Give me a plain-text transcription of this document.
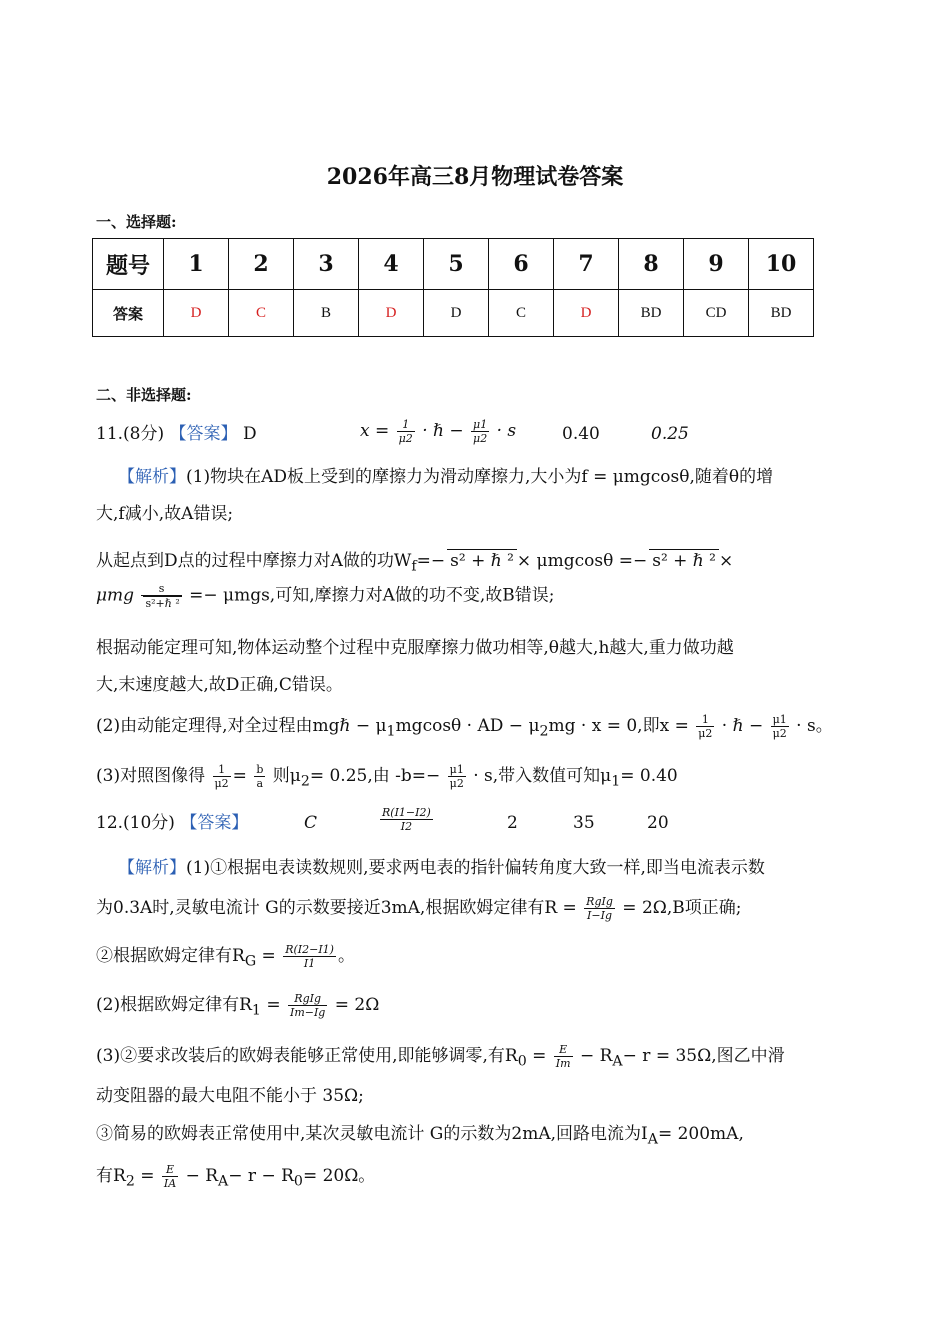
2026年高三8月物理试卷答案
一、选择题:
题号	1	2	3	4	5	6	7	8	9	10
答案	D	C	B	D	D	C	D	BD	CD	BD
二、非选择题:
11.(8分) 【答案】 D	$x = \frac{1}{\mu 2}$ · ℏ − $\frac{\mu 1}{\mu 2} \cdot s$	0.40	0.25
【解析】(1)物块在AD板上受到的摩擦力为滑动摩擦力,大小为f = μmgcosθ,随着θ的增
大,f减小,故A错误;
从起点到D点的过程中摩擦力对A做的功$W_f=- s^2$ + ℏ ² × μmgcosθ =− s² + ℏ ² ×
μmg $\frac{s}{\text{s²+ℏ ²}} =- \mu mgs$,可知,摩擦力对A做的功不变,故B错误;
根据动能定理可知,物体运动整个过程中克服摩擦力做功相等,θ越大,h越大,重力做功越
大,末速度越大,故D正确,C错误。
(2)由动能定理得,对全过程由mgℏ − $\mu_1mgcos\theta$ · AD − $\mu_2mg \cdot x = 0$,即$x = \frac{1}{\mu 2}$ · ℏ − $\frac{\mu 1}{\mu 2} \cdot s$。
(3)对照图像得 $\frac{1}{\mu 2} = \frac{b}{a}$ 则$\mu_2= 0.25$,由 $-b=- \frac{\mu 1}{\mu 2} \cdot s$,带入数值可知$\mu_1= 0.40$
12.(10分) 【答案】	C	$\frac{R(I1-I2)}{I2}$	2	35	20
【解析】(1)①根据电表读数规则,要求两电表的指针偏转角度大致一样,即当电流表示数
为0.3A时,灵敏电流计 G的示数要接近3mA,根据欧姆定律有$R = \frac{\text{RgIg}}{I-Ig} = 2\Omega,B$项正确;
②根据欧姆定律有$R_G = \frac{R(I2-I1)}{I1}$ 。
(2)根据欧姆定律有$R_1 = \frac{\text{RgIg}}{Im-Ig} = 2\Omega$
(3)②要求改装后的欧姆表能够正常使用,即能够调零,有$R_0 = \frac{E}{Im} - R_A- r = 35\Omega$,图乙中滑
动变阻器的最大电阻不能小于 35Ω;
③简易的欧姆表正常使用中,某次灵敏电流计 G的示数为2mA,回路电流为$I_A= 200mA$,
有$R_2 = \frac{E}{IA} - R_A- r - R_0= 20\Omega$。
